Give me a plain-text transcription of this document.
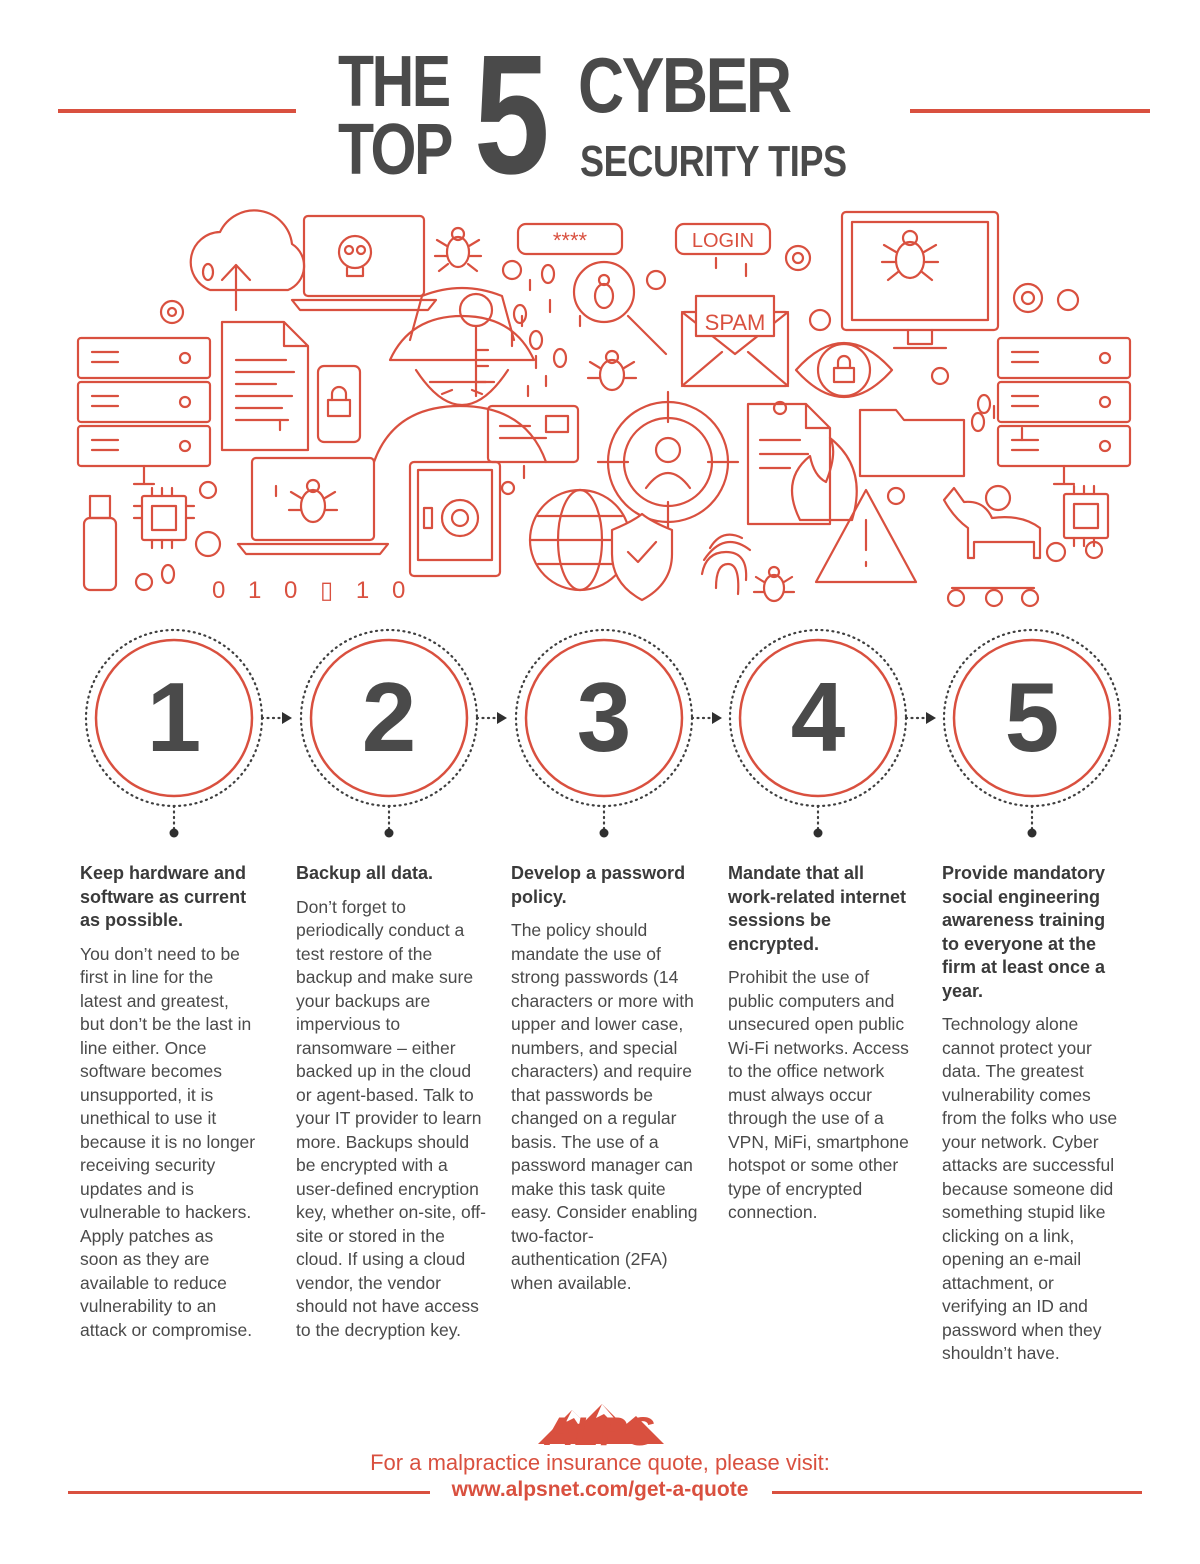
THE
TOP 5 CYBER
SECURITY TIPS
****	LOGIN
SPAM
0 1 0 ▯ 1 0
1	2	3	4	5
Keep hardware and software as current as possible.

You don’t need to be first in line for the latest and greatest, but don’t be the last in line either. Once software becomes unsupported, it is unethical to use it because it is no longer receiving security updates and is vulnerable to hackers. Apply patches as soon as they are available to reduce vulnerability to an attack or compromise.

Backup all data.

Don’t forget to periodically conduct a test restore of the backup and make sure your backups are impervious to ransomware – either backed up in the cloud or agent-based. Talk to your IT provider to learn more. Backups should be encrypted with a user-defined encryption key, whether on-site, off-site or stored in the cloud. If using a cloud vendor, the vendor should not have access to the decryption key.

Develop a password policy.

The policy should mandate the use of strong passwords (14 characters or more with upper and lower case, numbers, and special characters) and require that passwords be changed on a regular basis. The use of a password manager can make this task quite easy. Consider enabling two-factor-authentication (2FA) when available.

Mandate that all work-related internet sessions be encrypted.

Prohibit the use of public computers and unsecured open public Wi-Fi networks. Access to the office network must always occur through the use of a VPN, MiFi, smartphone hotspot or some other type of encrypted connection.

Provide mandatory social engineering awareness training to everyone at the firm at least once a year.

Technology alone cannot protect your data. The greatest vulnerability comes from the folks who use your network. Cyber attacks are successful because someone did something stupid like clicking on a link, opening an e-mail attachment, or verifying an ID and password when they shouldn’t have.

ALPS
For a malpractice insurance quote, please visit:
www.alpsnet.com/get-a-quote
